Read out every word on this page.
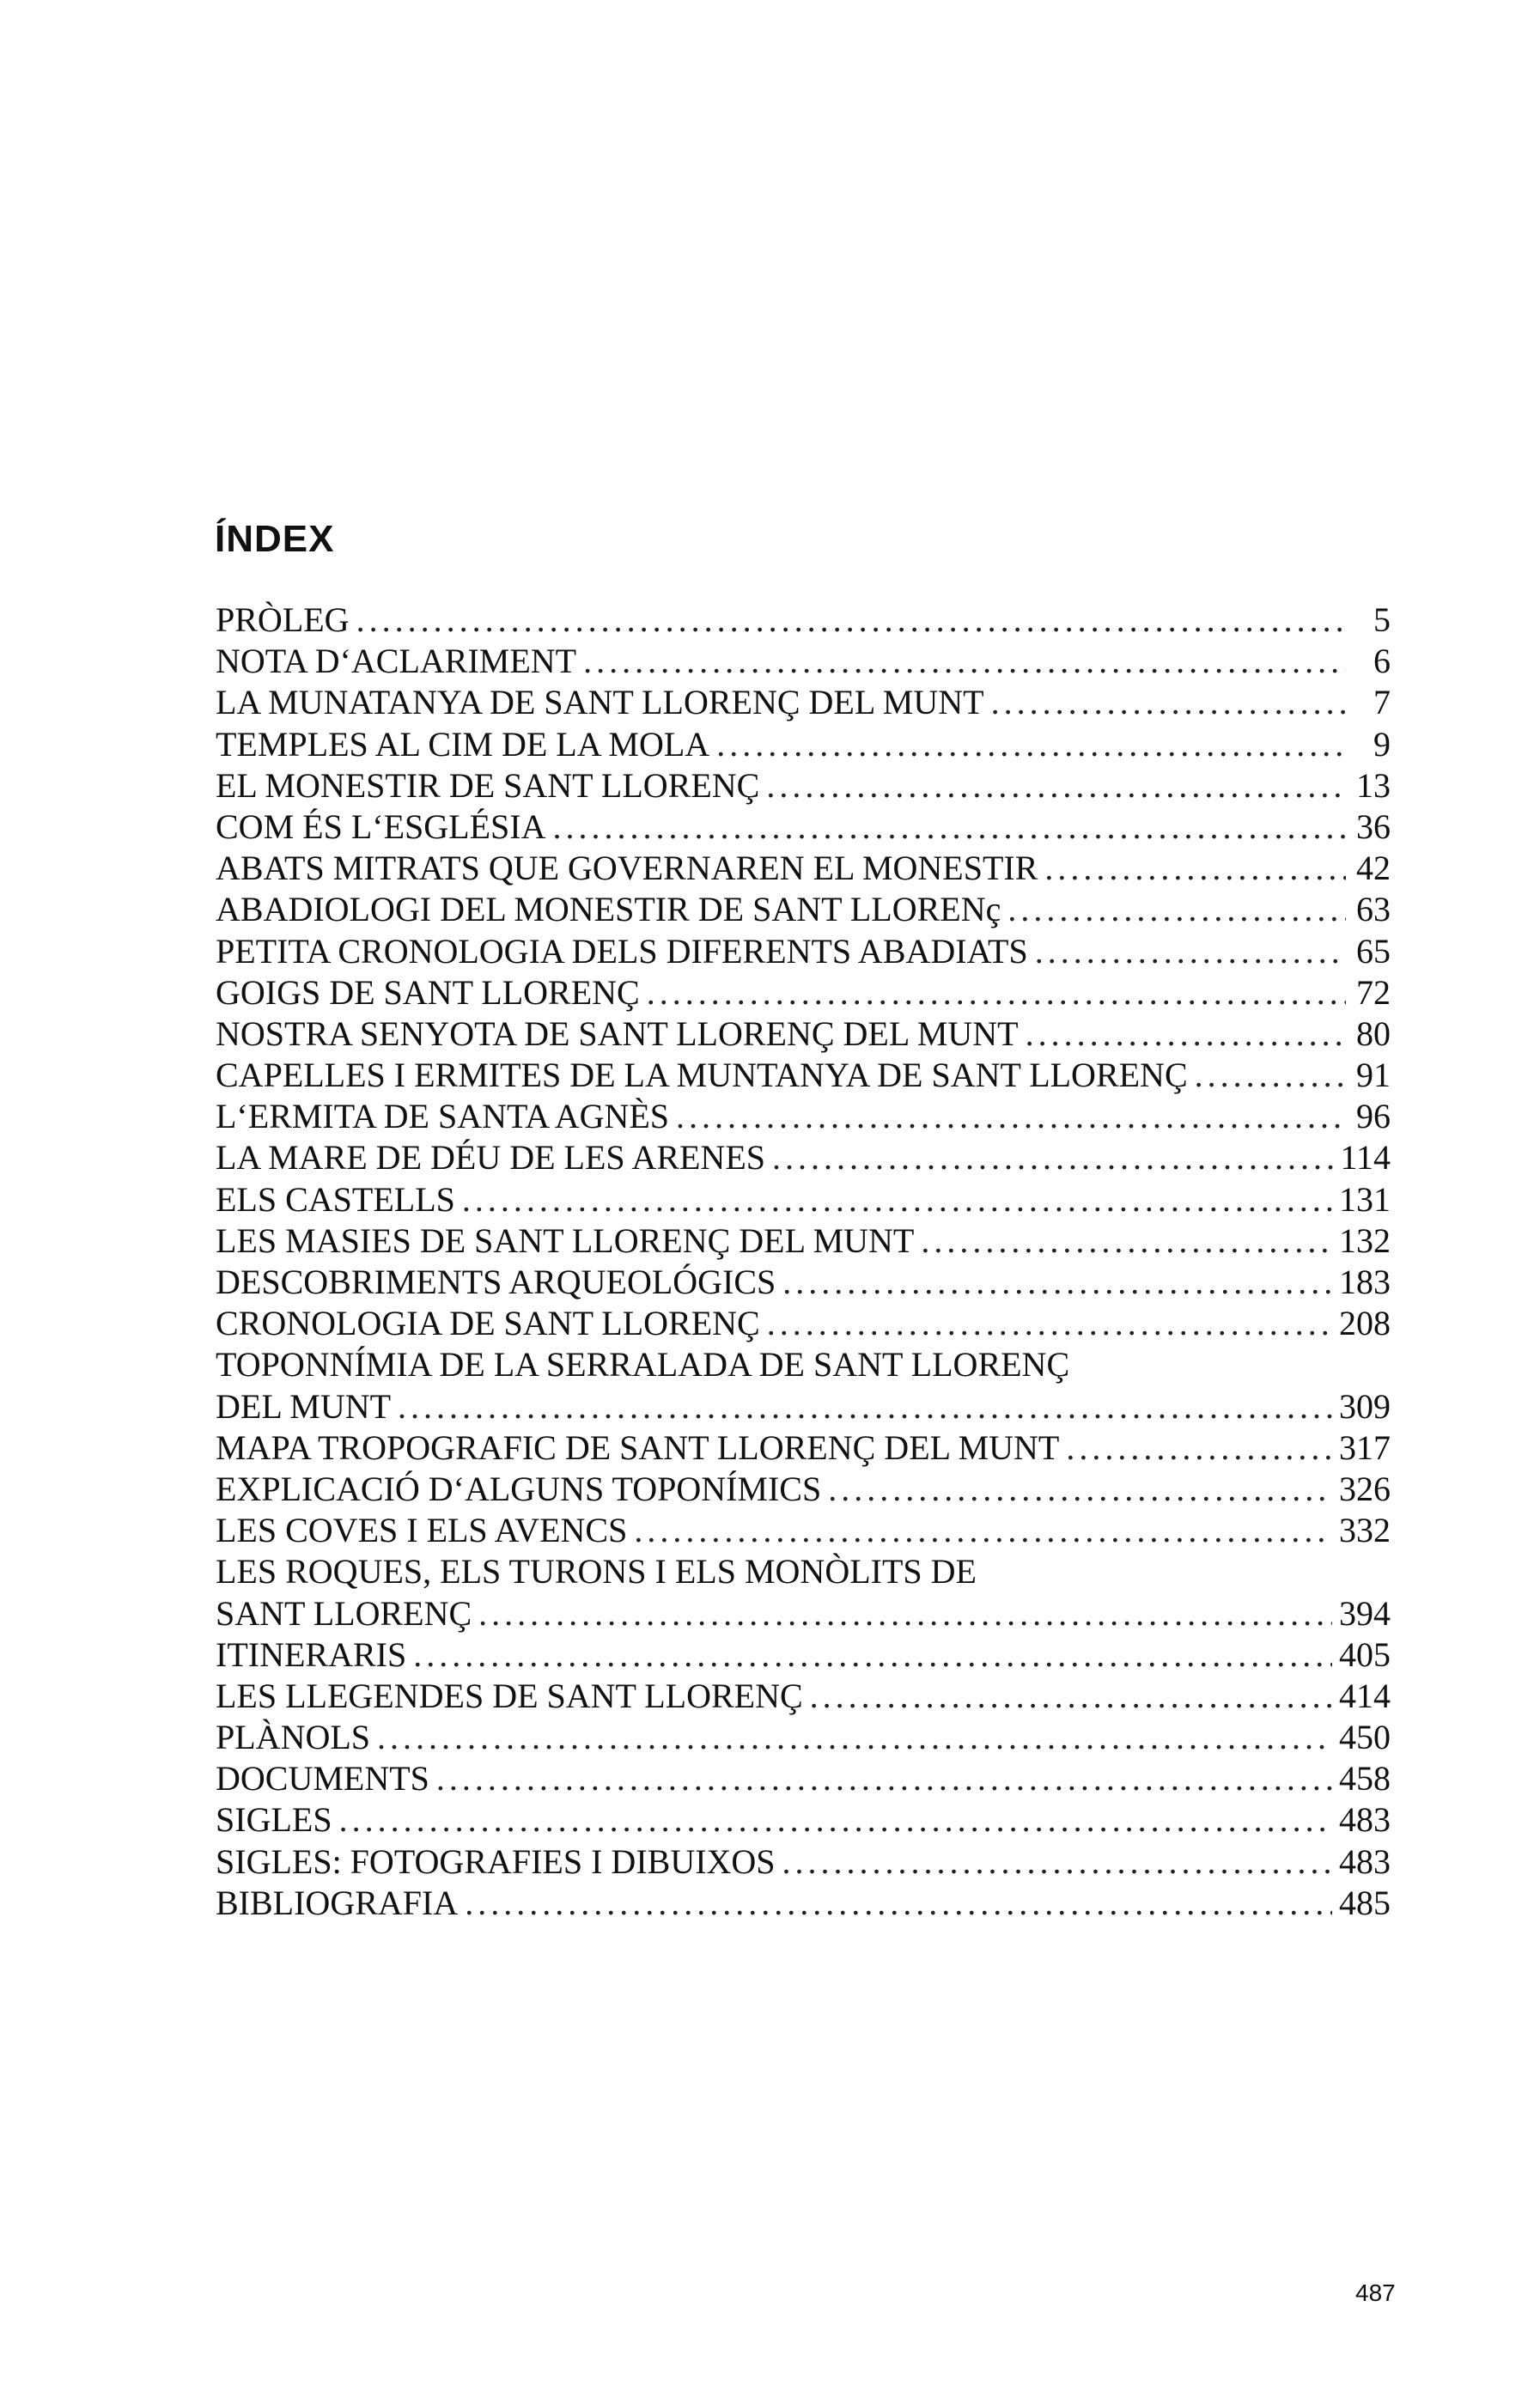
ÍNDEX
PRÒLEG .....	5
NOTA D‘ACLARIMENT .....	6
LA MUNATANYA DE SANT LLORENÇ DEL MUNT .....	7
TEMPLES AL CIM DE LA MOLA .....	9
EL MONESTIR DE SANT LLORENÇ .....	13
COM ÉS L‘ESGLÉSIA .....	36
ABATS MITRATS QUE GOVERNAREN EL MONESTIR .....	42
ABADIOLOGI DEL MONESTIR DE SANT LLORENç .....	63
PETITA CRONOLOGIA DELS DIFERENTS ABADIATS .....	65
GOIGS DE SANT LLORENÇ .....	72
NOSTRA SENYOTA DE SANT LLORENÇ DEL MUNT .....	80
CAPELLES I ERMITES DE LA MUNTANYA DE SANT LLORENÇ .....	91
L‘ERMITA DE SANTA AGNÈS .....	96
LA MARE DE DÉU DE LES ARENES .....	114
ELS CASTELLS .....	131
LES MASIES DE SANT LLORENÇ DEL MUNT .....	132
DESCOBRIMENTS ARQUEOLÓGICS .....	183
CRONOLOGIA DE SANT LLORENÇ .....	208
TOPONNÍMIA DE LA SERRALADA DE SANT LLORENÇ
DEL MUNT .....	309
MAPA TROPOGRAFIC DE SANT LLORENÇ DEL MUNT .....	317
EXPLICACIÓ D‘ALGUNS TOPONÍMICS .....	326
LES COVES I ELS AVENCS .....	332
LES ROQUES, ELS TURONS I ELS MONÒLITS DE
SANT LLORENÇ .....	394
ITINERARIS .....	405
LES LLEGENDES DE SANT LLORENÇ .....	414
PLÀNOLS .....	450
DOCUMENTS .....	458
SIGLES .....	483
SIGLES: FOTOGRAFIES I DIBUIXOS .....	483
BIBLIOGRAFIA .....	485
487
